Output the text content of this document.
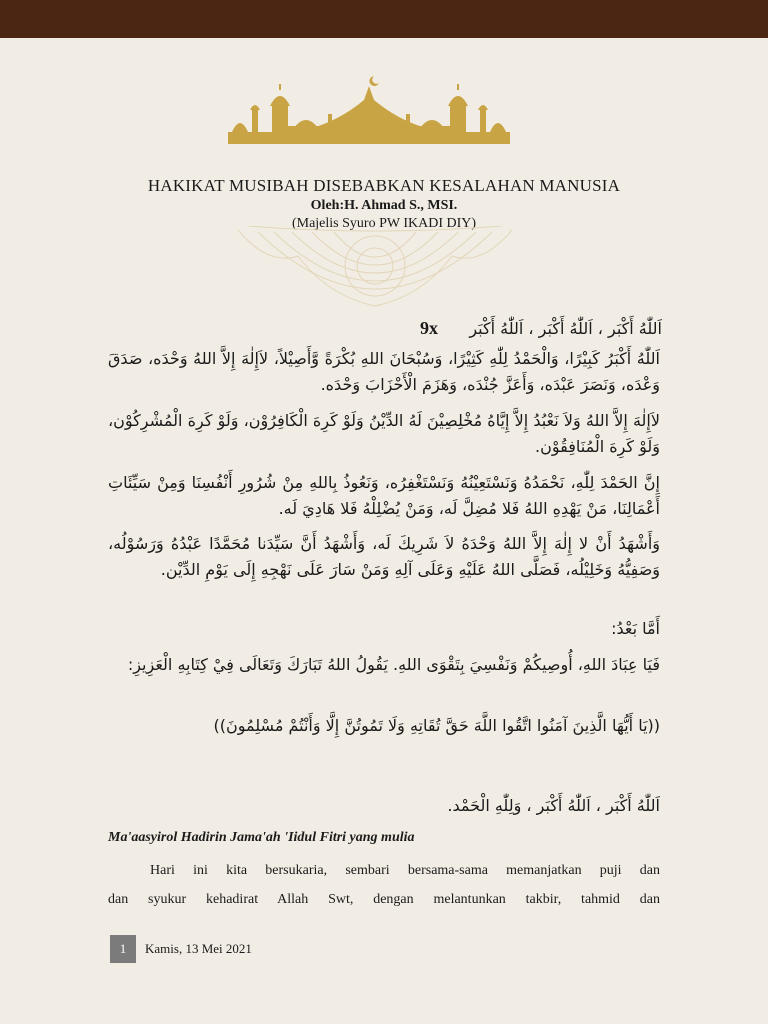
HAKIKAT MUSIBAH DISEBABKAN KESALAHAN MANUSIA
Oleh:H. Ahmad S., MSI.
(Majelis Syuro PW IKADI DIY)
اَللّٰهُ أَكْبَر ، اَللّٰهُ أَكْبَر ، اَللّٰهُ أَكْبَر
9x
اَللّٰهُ أَكْبَرُ كَبِيْرًا، وَالْحَمْدُ لِلّٰهِ كَثِيْرًا، وَسُبْحَانَ اللهِ بُكْرَةً وَّأَصِيْلاً، لاَإِلٰهَ إِلاَّ اللهُ وَحْدَه، صَدَقَ وَعْدَه، وَنَصَرَ عَبْدَه، وَأَعَزَّ جُنْدَه، وَهَزَمَ الْأَحْزَابَ وَحْدَه.
لاَإِلٰهَ إِلاَّ اللهُ وَلاَ نَعْبُدُ إِلاَّ إِيَّاهُ مُخْلِصِيْنَ لَهُ الدِّيْنُ وَلَوْ كَرِهَ الْكَافِرُوْن، وَلَوْ كَرِهَ الْمُشْرِكُوْن، وَلَوْ كَرِهَ الْمُنَافِقُوْن.
إِنَّ الحَمْدَ لِلّٰهِ، نَحْمَدُهُ وَنَسْتَعِيْنُهُ وَنَسْتَغْفِرُه، وَنَعُوذُ بِاللهِ مِنْ شُرُورِ أَنْفُسِنَا وَمِنْ سَيِّئَاتِ أَعْمَالِنَا، مَنْ يَهْدِهِ اللهُ فَلا مُضِلَّ لَه، وَمَنْ يُضْلِلْهُ فَلا هَادِيَ لَه.
وَأَشْهَدُ أَنْ لا إِلٰهَ إِلاَّ اللهُ وَحْدَهُ لاَ شَرِيكَ لَه، وَأَشْهَدُ أَنَّ سَيِّدَنا مُحَمَّدًا عَبْدُهُ وَرَسُوْلُه، وَصَفِيُّهُ وَخَلِيْلُه، فَصَلَّى اللهُ عَلَيْهِ وَعَلَى آلِهِ وَمَنْ سَارَ عَلَى نَهْجِهِ إِلَى يَوْمِ الدِّيْن.
أَمَّا بَعْدُ:
فَيَا عِبَادَ اللهِ، أُوصِيكُمْ وَنَفْسِيَ بِتَقْوَى اللهِ. يَقُولُ اللهُ تَبَارَكَ وَتَعَالَى فِيْ كِتَابِهِ الْعَزِيزِ:
((يَا أَيُّهَا الَّذِينَ آمَنُوا اتَّقُوا اللَّهَ حَقَّ تُقَاتِهِ وَلَا تَمُوتُنَّ إِلَّا وَأَنْتُمْ مُسْلِمُونَ))
اَللّٰهُ أَكْبَر ، اَللّٰهُ أَكْبَر ، وَلِلّٰهِ الْحَمْد.
Ma'aasyirol Hadirin Jama'ah 'Iidul Fitri yang mulia
Hari ini kita bersukaria, sembari bersama-sama memanjatkan puji dan
dan syukur kehadirat Allah Swt, dengan melantunkan takbir, tahmid dan
1	Kamis, 13 Mei 2021
